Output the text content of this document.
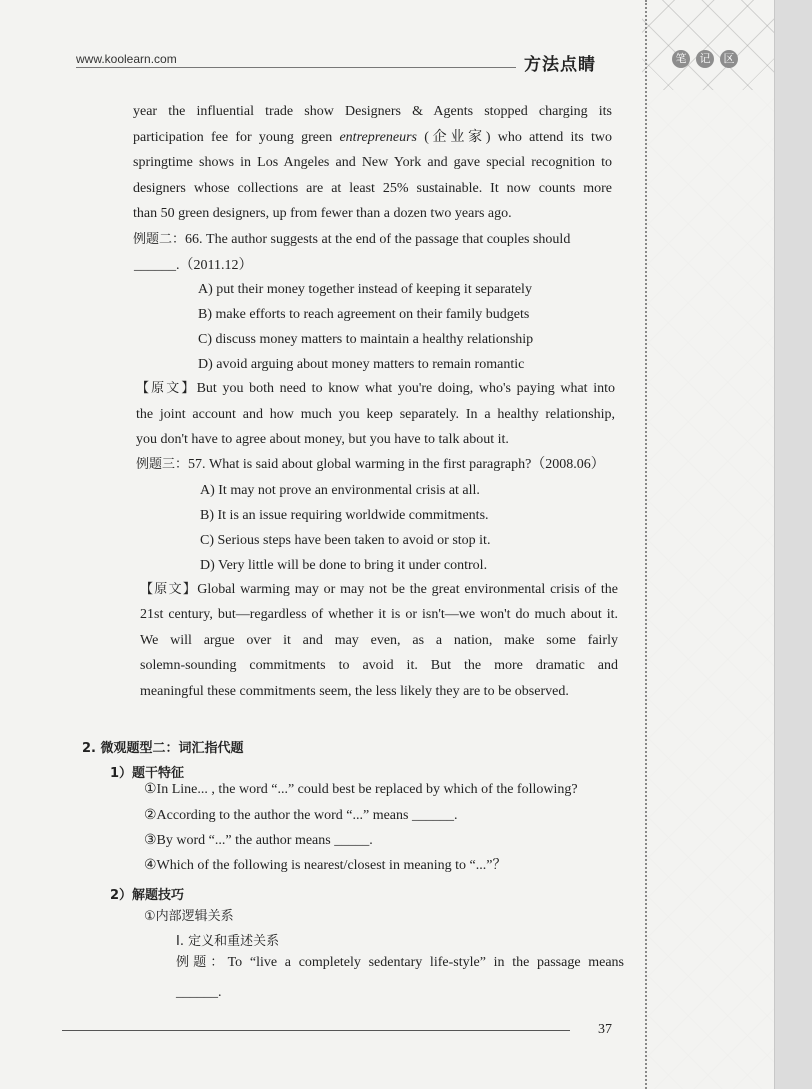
www.koolearn.com	方法点睛	笔	记	区
year the influential trade show Designers & Agents stopped charging its
participation fee for young green entrepreneurs (企业家) who attend its two
springtime shows in Los Angeles and New York and gave special recognition to
designers whose collections are at least 25% sustainable. It now counts more
than 50 green designers, up from fewer than a dozen two years ago.
例题二：66. The author suggests at the end of the passage that couples should
______.（2011.12）
A) put their money together instead of keeping it separately
B) make efforts to reach agreement on their family budgets
C) discuss money matters to maintain a healthy relationship
D) avoid arguing about money matters to remain romantic
【原文】But you both need to know what you're doing, who's paying what into
the joint account and how much you keep separately. In a healthy relationship,
you don't have to agree about money, but you have to talk about it.
例题三：57. What is said about global warming in the first paragraph?（2008.06）
A) It may not prove an environmental crisis at all.
B) It is an issue requiring worldwide commitments.
C) Serious steps have been taken to avoid or stop it.
D) Very little will be done to bring it under control.
【原文】Global warming may or may not be the great environmental crisis of the
21st century, but—regardless of whether it is or isn't—we won't do much about it.
We will argue over it and may even, as a nation, make some fairly
solemn-sounding commitments to avoid it. But the more dramatic and
meaningful these commitments seem, the less likely they are to be observed.
2. 微观题型二：词汇指代题
1）题干特征
①In Line... , the word “...” could best be replaced by which of the following?
②According to the author the word “...” means ______.
③By word “...” the author means _____.
④Which of the following is nearest/closest in meaning to “...”？
2）解题技巧
①内部逻辑关系
I. 定义和重述关系
例题：To “live a completely sedentary life-style” in the passage means
______.
37
